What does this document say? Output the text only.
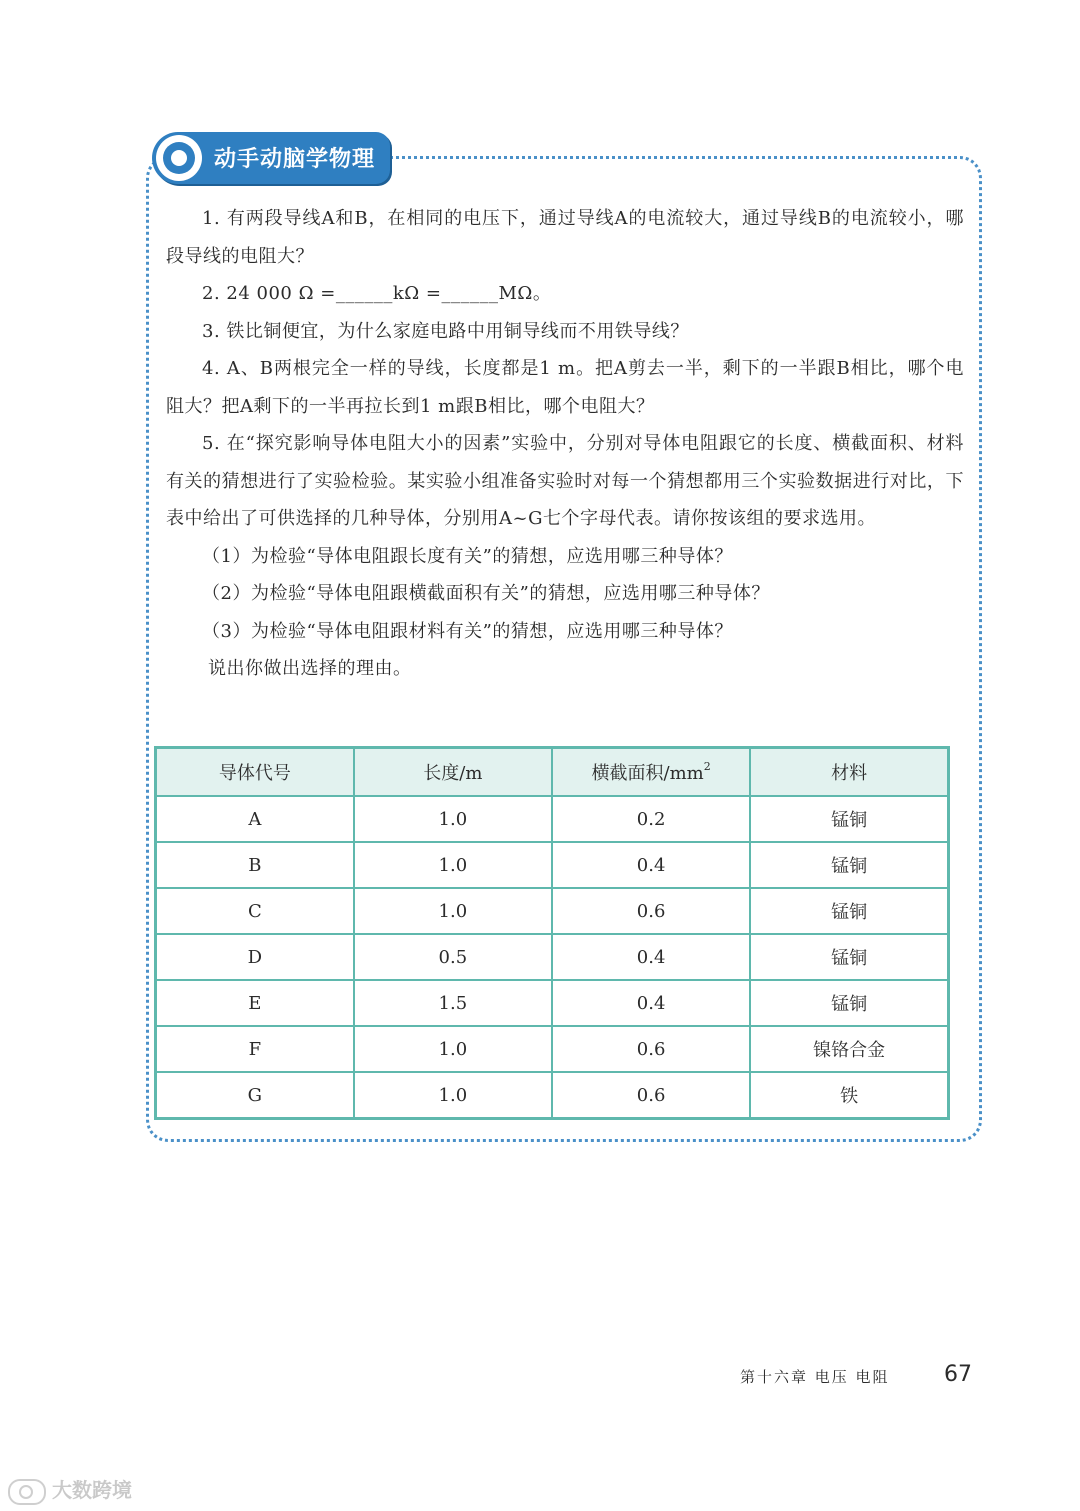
动手动脑学物理

1. 有两段导线A和B，在相同的电压下，通过导线A的电流较大，通过导线B的电流较小，哪段导线的电阻大？

2. 24 000 Ω =______kΩ =______MΩ。

3. 铁比铜便宜，为什么家庭电路中用铜导线而不用铁导线？

4. A、B两根完全一样的导线，长度都是1 m。把A剪去一半，剩下的一半跟B相比，哪个电阻大？把A剩下的一半再拉长到1 m跟B相比，哪个电阻大？

5. 在“探究影响导体电阻大小的因素”实验中，分别对导体电阻跟它的长度、横截面积、材料有关的猜想进行了实验检验。某实验小组准备实验时对每一个猜想都用三个实验数据进行对比，下表中给出了可供选择的几种导体，分别用A~G七个字母代表。请你按该组的要求选用。

（1）为检验“导体电阻跟长度有关”的猜想，应选用哪三种导体？

（2）为检验“导体电阻跟横截面积有关”的猜想，应选用哪三种导体？

（3）为检验“导体电阻跟材料有关”的猜想，应选用哪三种导体？

说出你做出选择的理由。

导体代号	长度/m	横截面积$/mm^2$	材料
A	1.0	0.2	锰铜
B	1.0	0.4	锰铜
C	1.0	0.6	锰铜
D	0.5	0.4	锰铜
E	1.5	0.4	锰铜
F	1.0	0.6	镍铬合金
G	1.0	0.6	铁
第十六章 电压 电阻 67
大数跨境
